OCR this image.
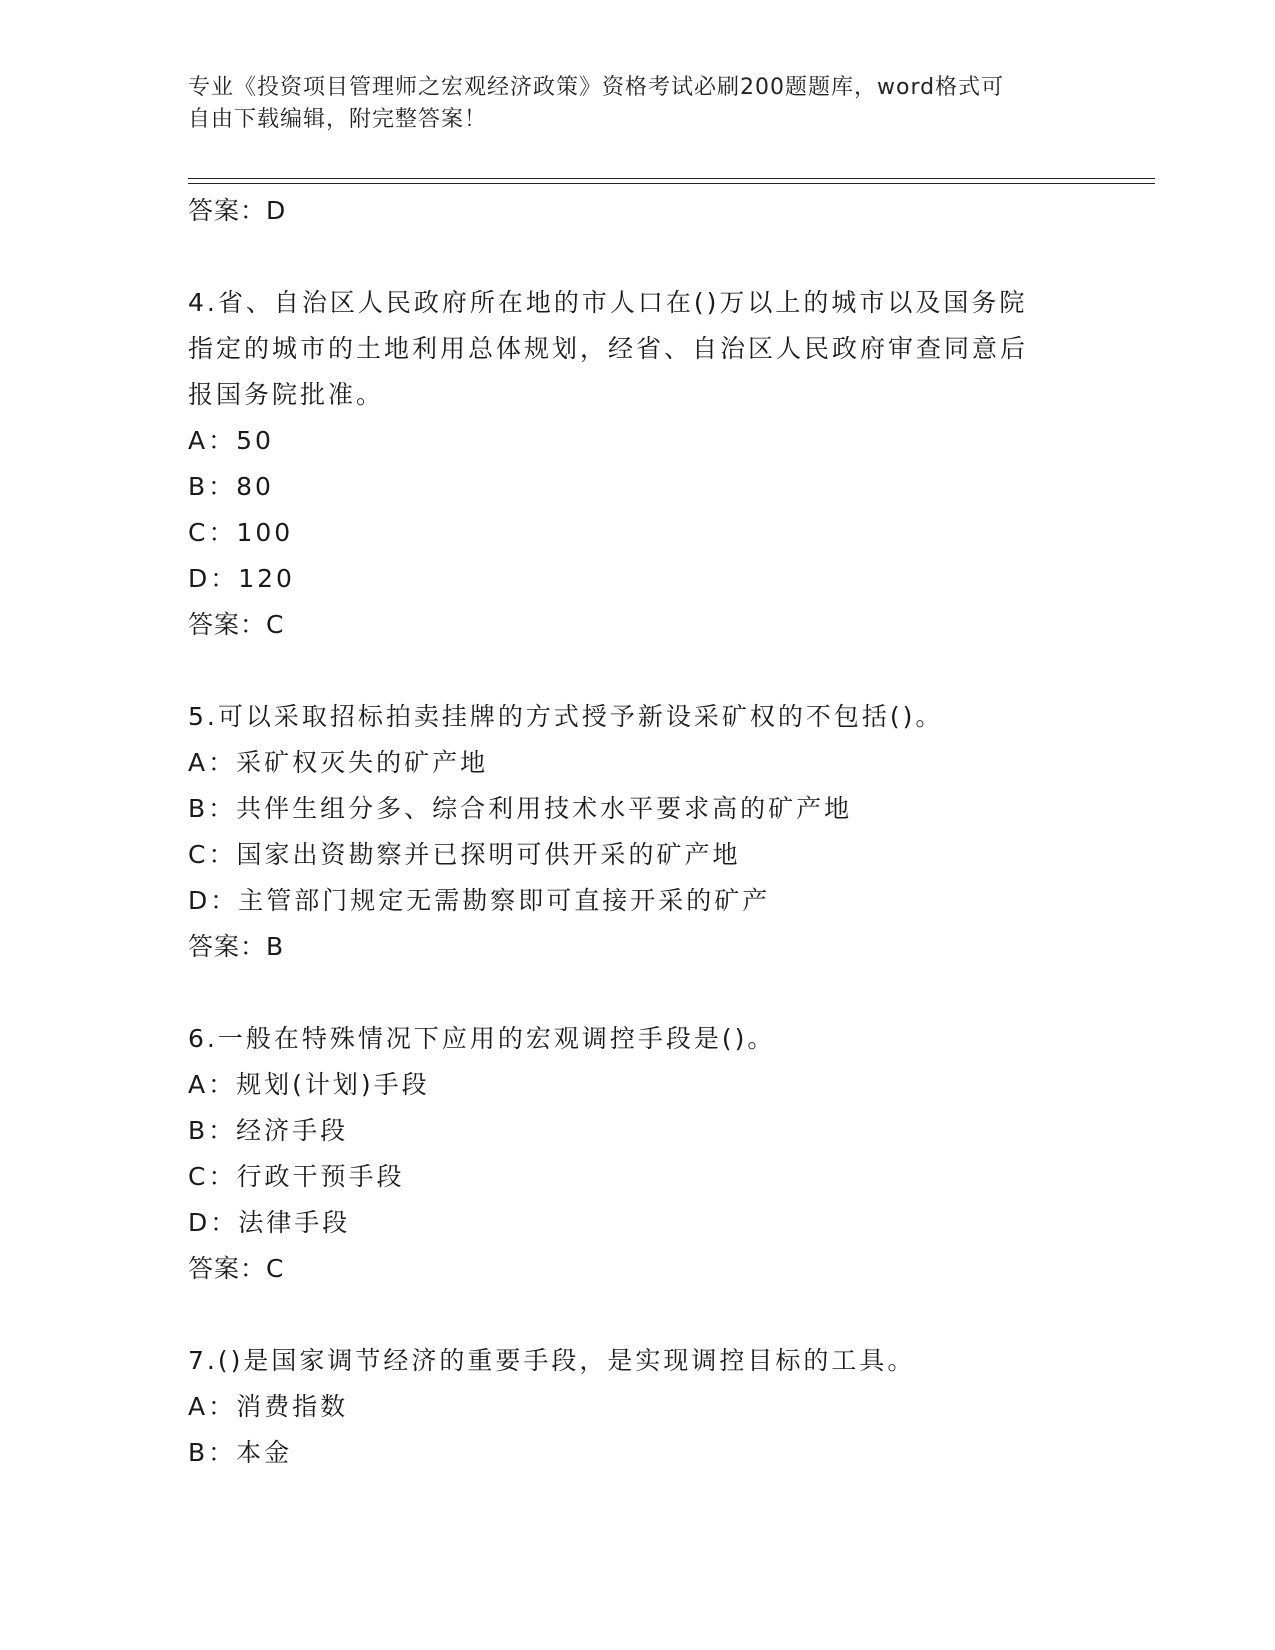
专业《投资项目管理师之宏观经济政策》资格考试必刷200题题库，word格式可
自由下载编辑，附完整答案！
答案：D
4.省、自治区人民政府所在地的市人口在()万以上的城市以及国务院
指定的城市的土地利用总体规划，经省、自治区人民政府审查同意后
报国务院批准。
A：50
B：80
C：100
D：120
答案：C
5.可以采取招标拍卖挂牌的方式授予新设采矿权的不包括()。
A：采矿权灭失的矿产地
B：共伴生组分多、综合利用技术水平要求高的矿产地
C：国家出资勘察并已探明可供开采的矿产地
D：主管部门规定无需勘察即可直接开采的矿产
答案：B
6.一般在特殊情况下应用的宏观调控手段是()。
A：规划(计划)手段
B：经济手段
C：行政干预手段
D：法律手段
答案：C
7.()是国家调节经济的重要手段，是实现调控目标的工具。
A：消费指数
B：本金
